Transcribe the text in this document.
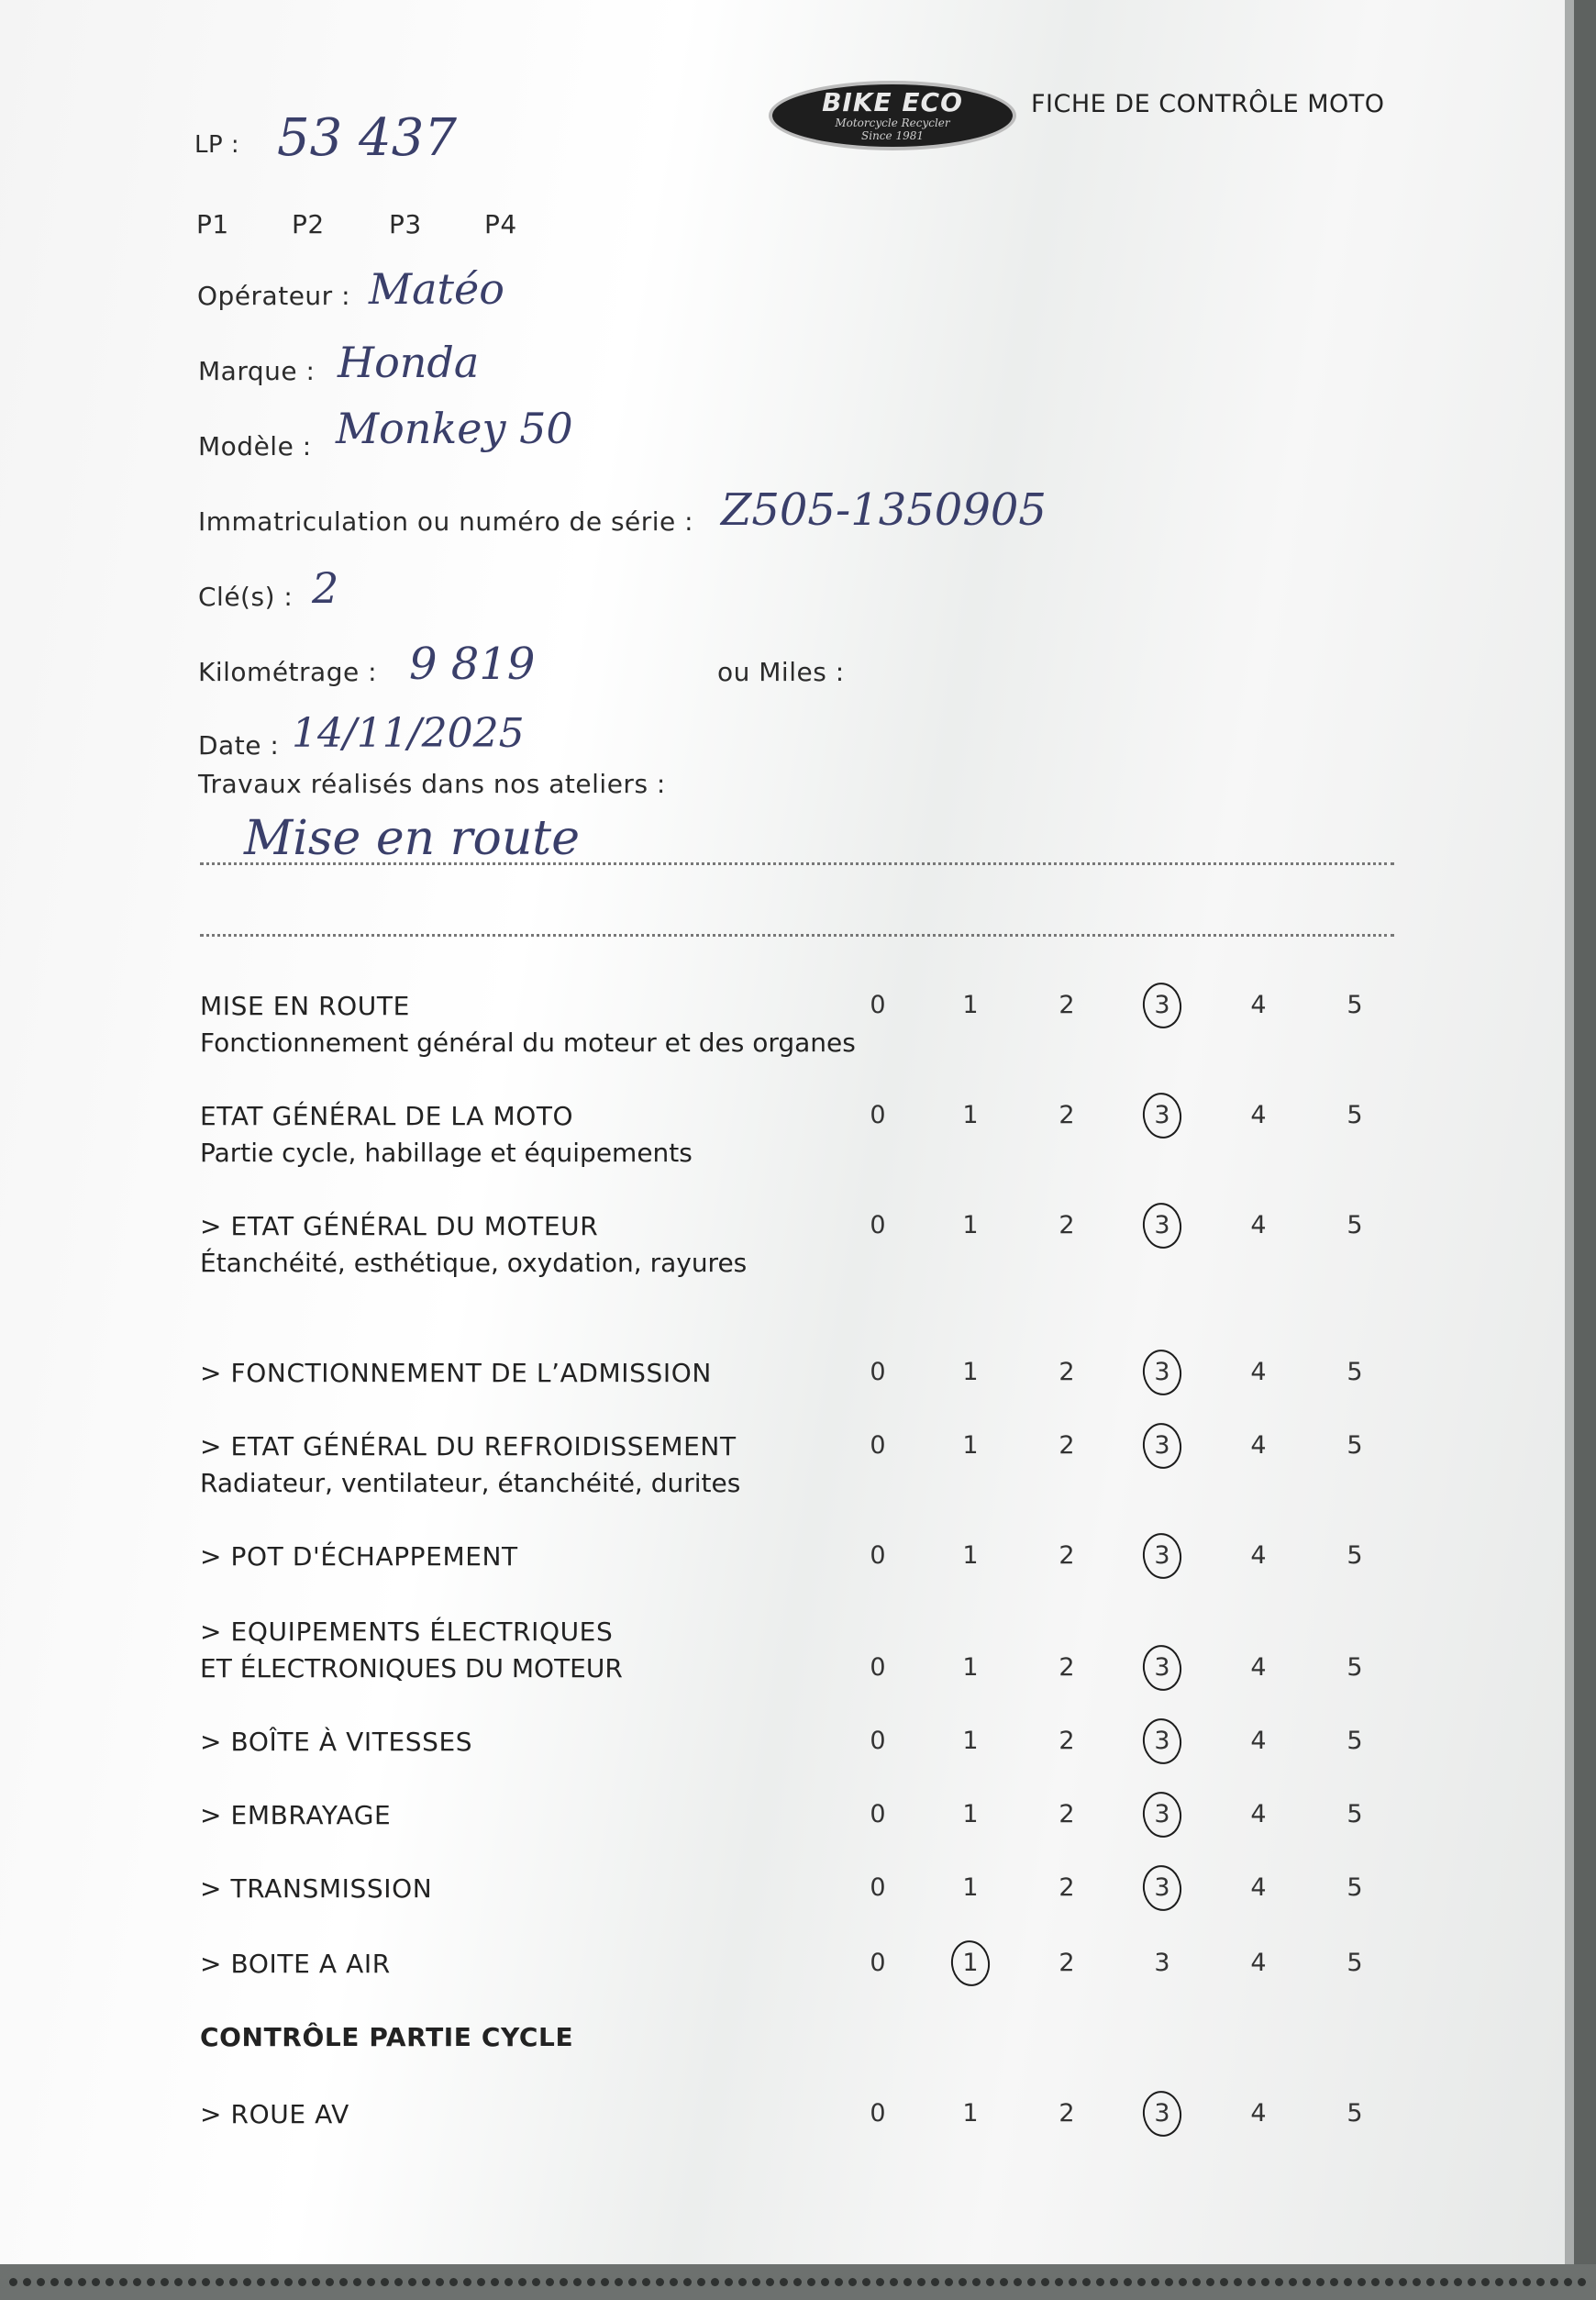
BIKE ECO
Motorcycle Recycler
Since 1981
FICHE DE CONTRÔLE MOTO
LP : 53 437
P1 P2	P3 P4
Opérateur : Matéo
Marque : Honda
Modèle : Monkey 50
Immatriculation ou numéro de série : Z505-1350905
Clé(s) : 2
Kilométrage : 9 819	ou Miles :
Date : 14/11/2025
Travaux réalisés dans nos ateliers :
Mise en route
MISE EN ROUTE
Fonctionnement général du moteur et des organes
0	1	2	3	4	5
ETAT GÉNÉRAL DE LA MOTO
Partie cycle, habillage et équipements
0	1	2	3	4	5
> ETAT GÉNÉRAL DU MOTEUR
Étanchéité, esthétique, oxydation, rayures
0	1	2	3	4	5
> FONCTIONNEMENT DE L’ADMISSION	0	1	2	3	4	5
> ETAT GÉNÉRAL DU REFROIDISSEMENT
Radiateur, ventilateur, étanchéité, durites
0	1	2	3	4	5
> POT D'ÉCHAPPEMENT	0	1	2	3	4	5
> EQUIPEMENTS ÉLECTRIQUES
ET ÉLECTRONIQUES DU MOTEUR	0	1	2	3	4	5
> BOÎTE À VITESSES	0	1	2	3	4	5
> EMBRAYAGE	0	1	2	3	4	5
> TRANSMISSION	0	1	2	3	4	5
> BOITE A AIR	0	1	2	3	4	5
CONTRÔLE PARTIE CYCLE
> ROUE AV	0	1	2	3	4	5
